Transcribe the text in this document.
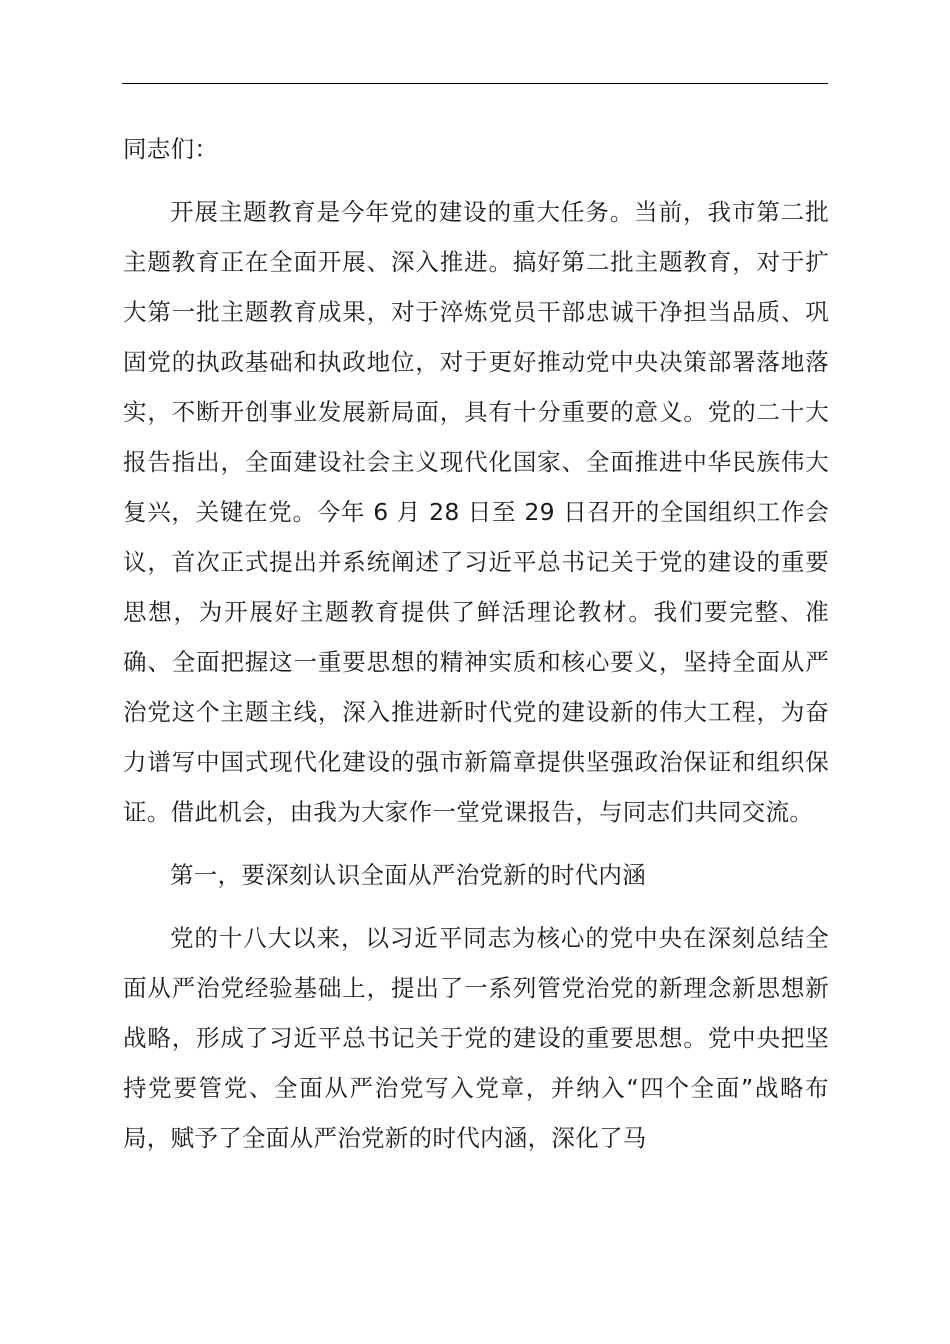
同志们：

开展主题教育是今年党的建设的重大任务。当前，我市第二批主题教育正在全面开展、深入推进。搞好第二批主题教育，对于扩大第一批主题教育成果，对于淬炼党员干部忠诚干净担当品质、巩固党的执政基础和执政地位，对于更好推动党中央决策部署落地落实，不断开创事业发展新局面，具有十分重要的意义。党的二十大报告指出，全面建设社会主义现代化国家、全面推进中华民族伟大复兴，关键在党。今年 6 月 28 日至 29 日召开的全国组织工作会议，首次正式提出并系统阐述了习近平总书记关于党的建设的重要思想，为开展好主题教育提供了鲜活理论教材。我们要完整、准确、全面把握这一重要思想的精神实质和核心要义，坚持全面从严治党这个主题主线，深入推进新时代党的建设新的伟大工程，为奋力谱写中国式现代化建设的强市新篇章提供坚强政治保证和组织保证。借此机会，由我为大家作一堂党课报告，与同志们共同交流。

第一，要深刻认识全面从严治党新的时代内涵

党的十八大以来，以习近平同志为核心的党中央在深刻总结全面从严治党经验基础上，提出了一系列管党治党的新理念新思想新战略，形成了习近平总书记关于党的建设的重要思想。党中央把坚持党要管党、全面从严治党写入党章，并纳入“四个全面”战略布局，赋予了全面从严治党新的时代内涵，深化了马
